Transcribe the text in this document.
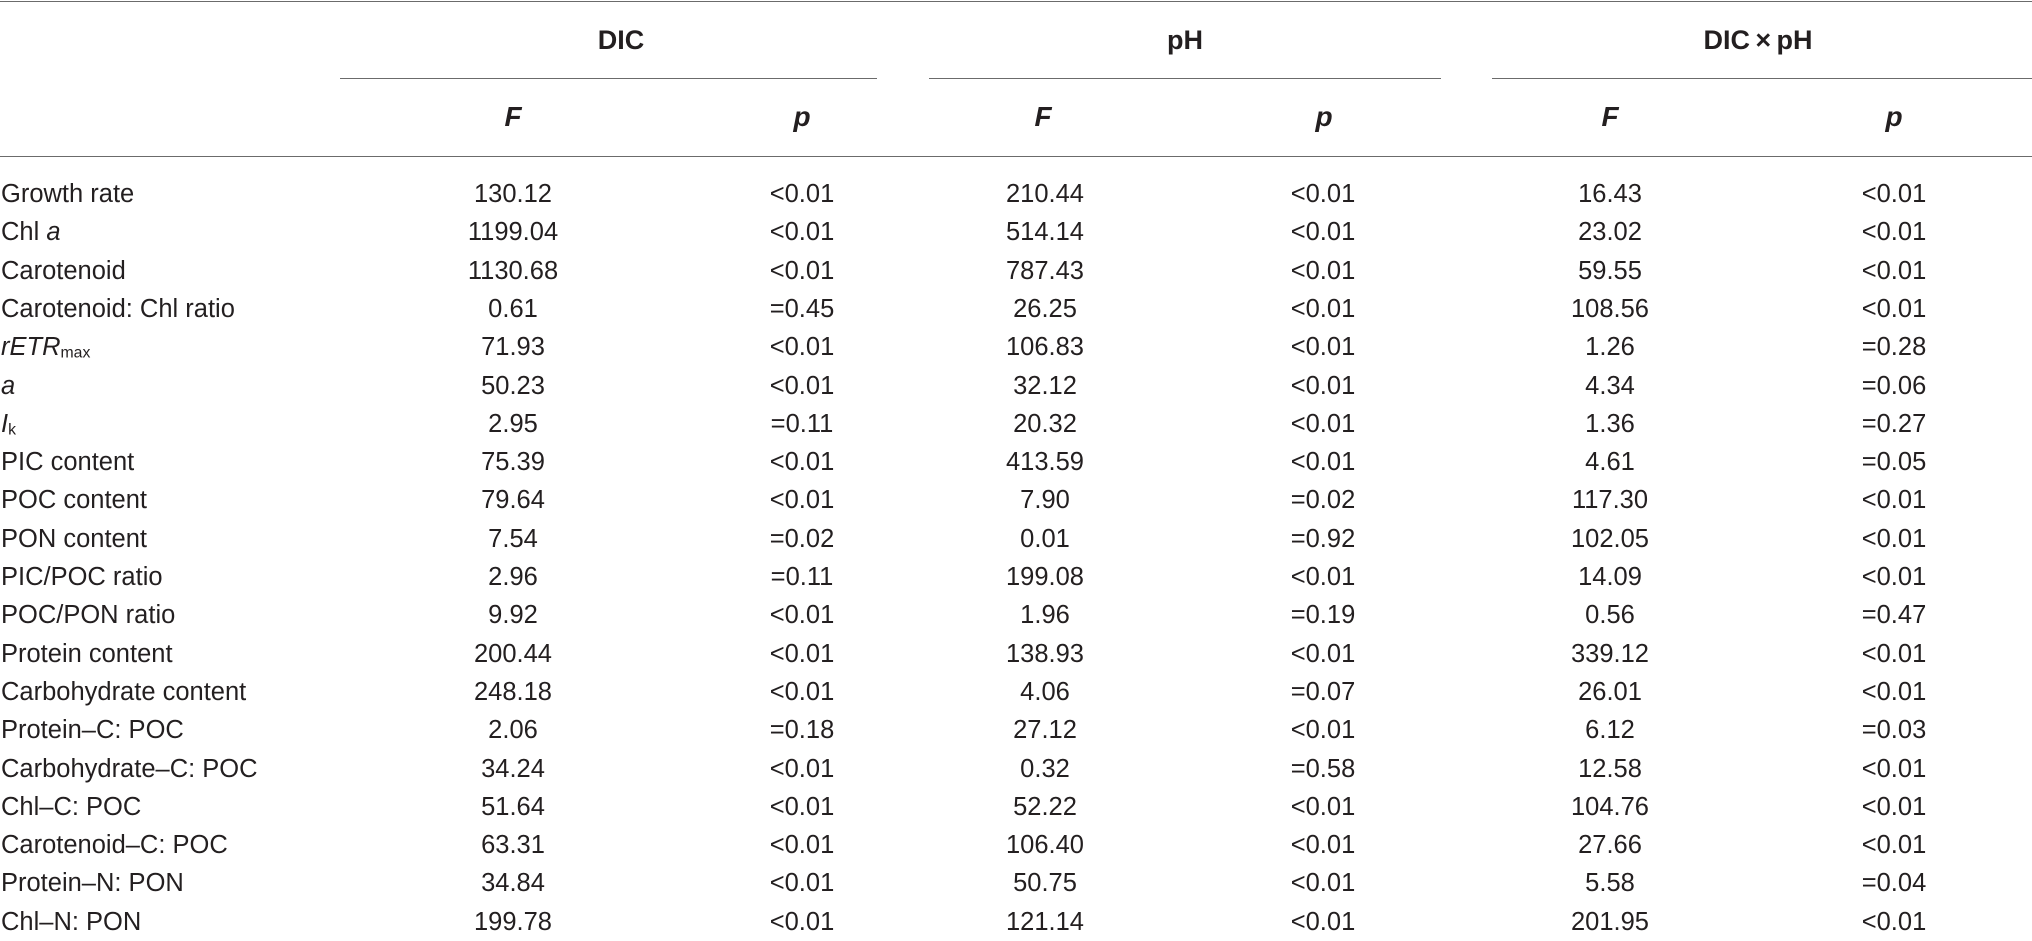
DIC	pH	DIC × pH
F	p	F	p	F	p
Growth rate	130.12	<0.01	210.44	<0.01	16.43	<0.01
Chl a	1199.04	<0.01	514.14	<0.01	23.02	<0.01
Carotenoid	1130.68	<0.01	787.43	<0.01	59.55	<0.01
Carotenoid: Chl ratio	0.61	=0.45	26.25	<0.01	108.56	<0.01
rETR$_{max}$	71.93	<0.01	106.83	<0.01	1.26	=0.28
a	50.23	<0.01	32.12	<0.01	4.34	=0.06
$I_k$	2.95	=0.11	20.32	<0.01	1.36	=0.27
PIC content	75.39	<0.01	413.59	<0.01	4.61	=0.05
POC content	79.64	<0.01	7.90	=0.02	117.30	<0.01
PON content	7.54	=0.02	0.01	=0.92	102.05	<0.01
PIC/POC ratio	2.96	=0.11	199.08	<0.01	14.09	<0.01
POC/PON ratio	9.92	<0.01	1.96	=0.19	0.56	=0.47
Protein content	200.44	<0.01	138.93	<0.01	339.12	<0.01
Carbohydrate content	248.18	<0.01	4.06	=0.07	26.01	<0.01
Protein–C: POC	2.06	=0.18	27.12	<0.01	6.12	=0.03
Carbohydrate–C: POC	34.24	<0.01	0.32	=0.58	12.58	<0.01
Chl–C: POC	51.64	<0.01	52.22	<0.01	104.76	<0.01
Carotenoid–C: POC	63.31	<0.01	106.40	<0.01	27.66	<0.01
Protein–N: PON	34.84	<0.01	50.75	<0.01	5.58	=0.04
Chl–N: PON	199.78	<0.01	121.14	<0.01	201.95	<0.01
